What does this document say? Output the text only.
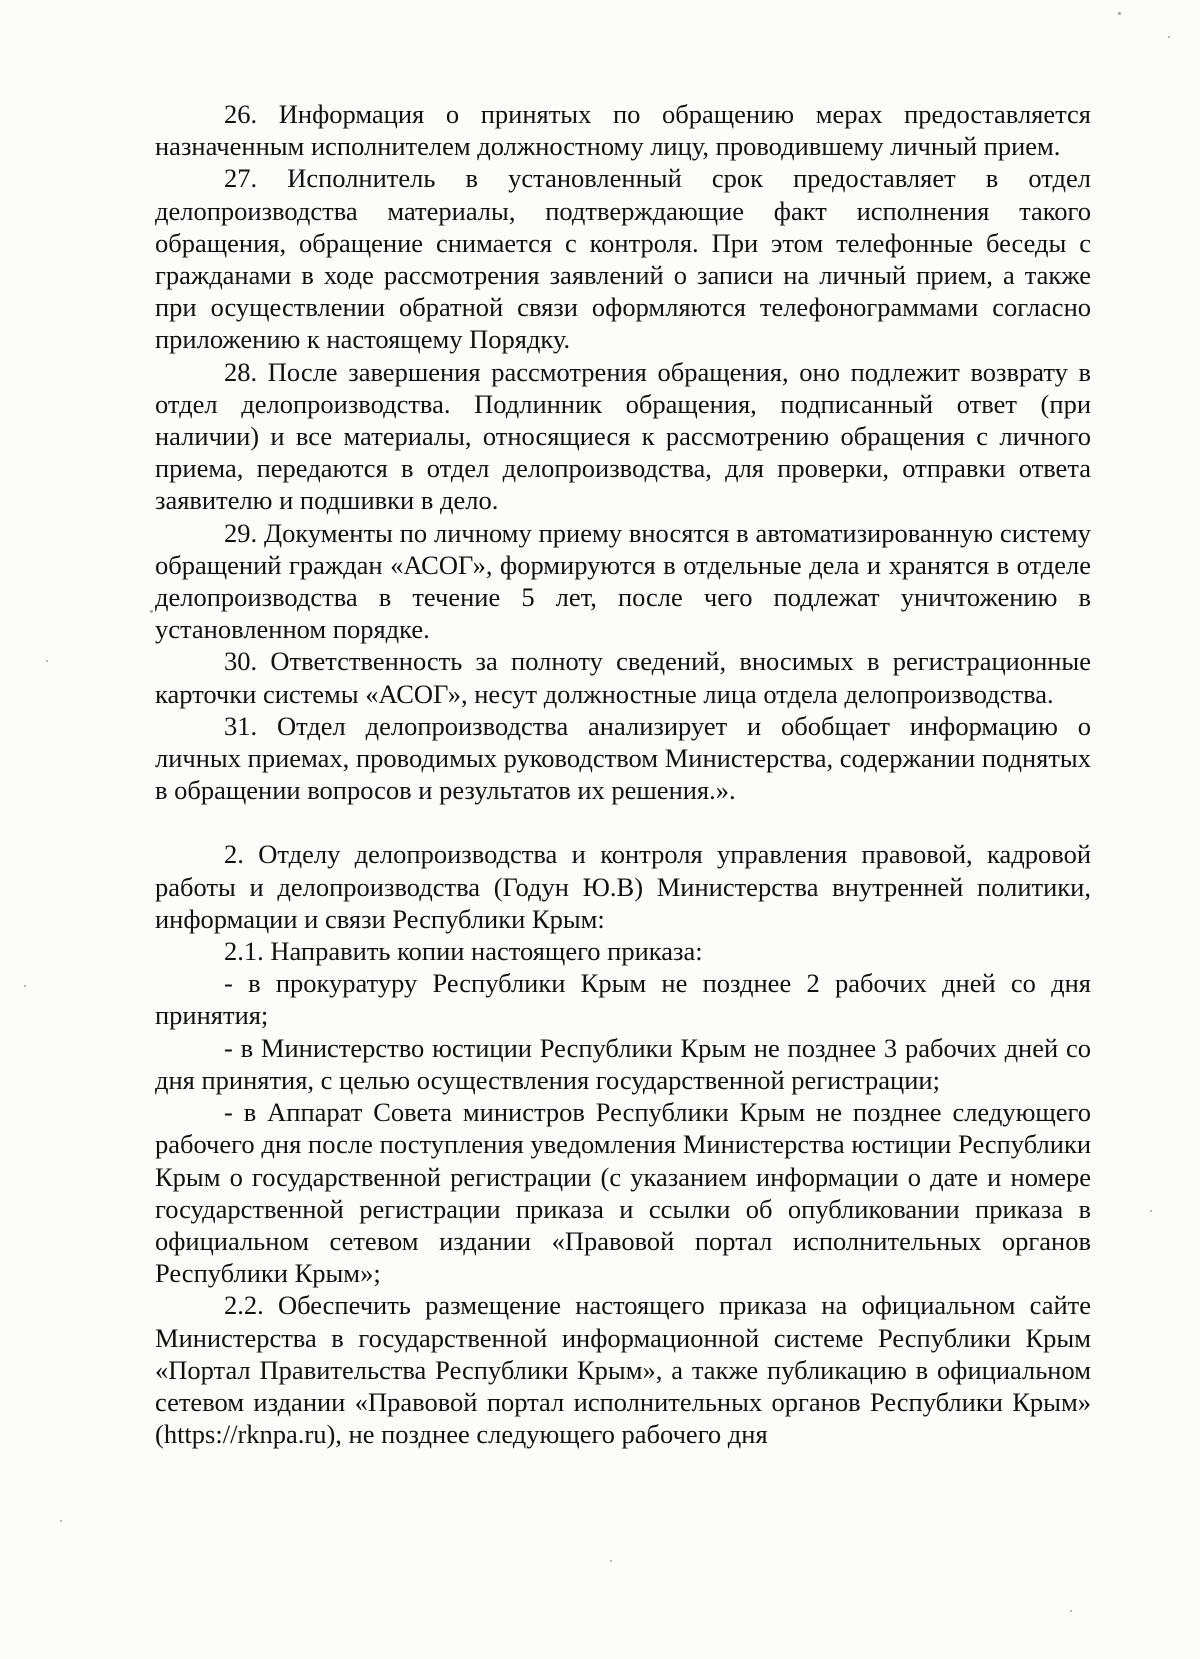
26. Информация о принятых по обращению мерах предоставляется назначенным исполнителем должностному лицу, проводившему личный прием.

27. Исполнитель в установленный срок предоставляет в отдел делопроизводства материалы, подтверждающие факт исполнения такого обращения, обращение снимается с контроля. При этом телефонные беседы с гражданами в ходе рассмотрения заявлений о записи на личный прием, а также при осуществлении обратной связи оформляются телефонограммами согласно приложению к настоящему Порядку.

28. После завершения рассмотрения обращения, оно подлежит возврату в отдел делопроизводства. Подлинник обращения, подписанный ответ (при наличии) и все материалы, относящиеся к рассмотрению обращения с личного приема, передаются в отдел делопроизводства, для проверки, отправки ответа заявителю и подшивки в дело.

29. Документы по личному приему вносятся в автоматизированную систему обращений граждан «АСОГ», формируются в отдельные дела и хранятся в отделе делопроизводства в течение 5 лет, после чего подлежат уничтожению в установленном порядке.

30. Ответственность за полноту сведений, вносимых в регистрационные карточки системы «АСОГ», несут должностные лица отдела делопроизводства.

31. Отдел делопроизводства анализирует и обобщает информацию о личных приемах, проводимых руководством Министерства, содержании поднятых в обращении вопросов и результатов их решения.».

2. Отделу делопроизводства и контроля управления правовой, кадровой работы и делопроизводства (Годун Ю.В) Министерства внутренней политики, информации и связи Республики Крым:

2.1. Направить копии настоящего приказа:

- в прокуратуру Республики Крым не позднее 2 рабочих дней со дня принятия;

- в Министерство юстиции Республики Крым не позднее 3 рабочих дней со дня принятия, с целью осуществления государственной регистрации;

- в Аппарат Совета министров Республики Крым не позднее следующего рабочего дня после поступления уведомления Министерства юстиции Республики Крым о государственной регистрации (с указанием информации о дате и номере государственной регистрации приказа и ссылки об опубликовании приказа в официальном сетевом издании «Правовой портал исполнительных органов Республики Крым»;

2.2. Обеспечить размещение настоящего приказа на официальном сайте Министерства в государственной информационной системе Республики Крым «Портал Правительства Республики Крым», а также публикацию в официальном сетевом издании «Правовой портал исполнительных органов Республики Крым» (https://rknpa.ru), не позднее следующего рабочего дня
